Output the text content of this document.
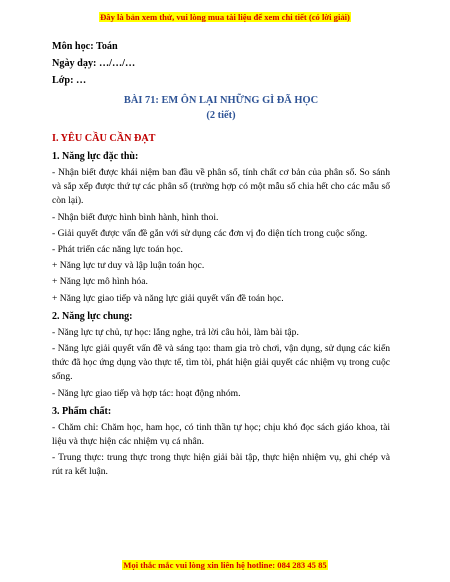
Đây là bản xem thử, vui lòng mua tài liệu để xem chi tiết (có lời giải)
Môn học: Toán
Ngày dạy: …/…/…
Lớp: …
BÀI 71: EM ÔN LẠI NHỮNG GÌ ĐÃ HỌC
(2 tiết)
I. YÊU CẦU CẦN ĐẠT
1. Năng lực đặc thù:
- Nhận biết được khái niệm ban đầu về phân số, tính chất cơ bản của phân số. So sánh và sắp xếp được thứ tự các phân số (trường hợp có một mẫu số chia hết cho các mẫu số còn lại).
- Nhận biết được hình bình hành, hình thoi.
- Giải quyết được vấn đề gắn với sử dụng các đơn vị đo diện tích trong cuộc sống.
- Phát triển các năng lực toán học.
+ Năng lực tư duy và lập luận toán học.
+ Năng lực mô hình hóa.
+ Năng lực giao tiếp và năng lực giải quyết vấn đề toán học.
2. Năng lực chung:
- Năng lực tự chủ, tự học: lắng nghe, trả lời câu hỏi, làm bài tập.
- Năng lực giải quyết vấn đề và sáng tạo: tham gia trò chơi, vận dụng, sử dụng các kiến thức đã học ứng dụng vào thực tế, tìm tòi, phát hiện giải quyết các nhiệm vụ trong cuộc sống.
- Năng lực giao tiếp và hợp tác: hoạt động nhóm.
3. Phẩm chất:
- Chăm chỉ: Chăm học, ham học, có tinh thần tự học; chịu khó đọc sách giáo khoa, tài liệu và thực hiện các nhiệm vụ cá nhân.
- Trung thực: trung thực trong thực hiện giải bài tập, thực hiện nhiệm vụ, ghi chép và rút ra kết luận.
Mọi thắc mắc vui lòng xin liên hệ hotline: 084 283 45 85
